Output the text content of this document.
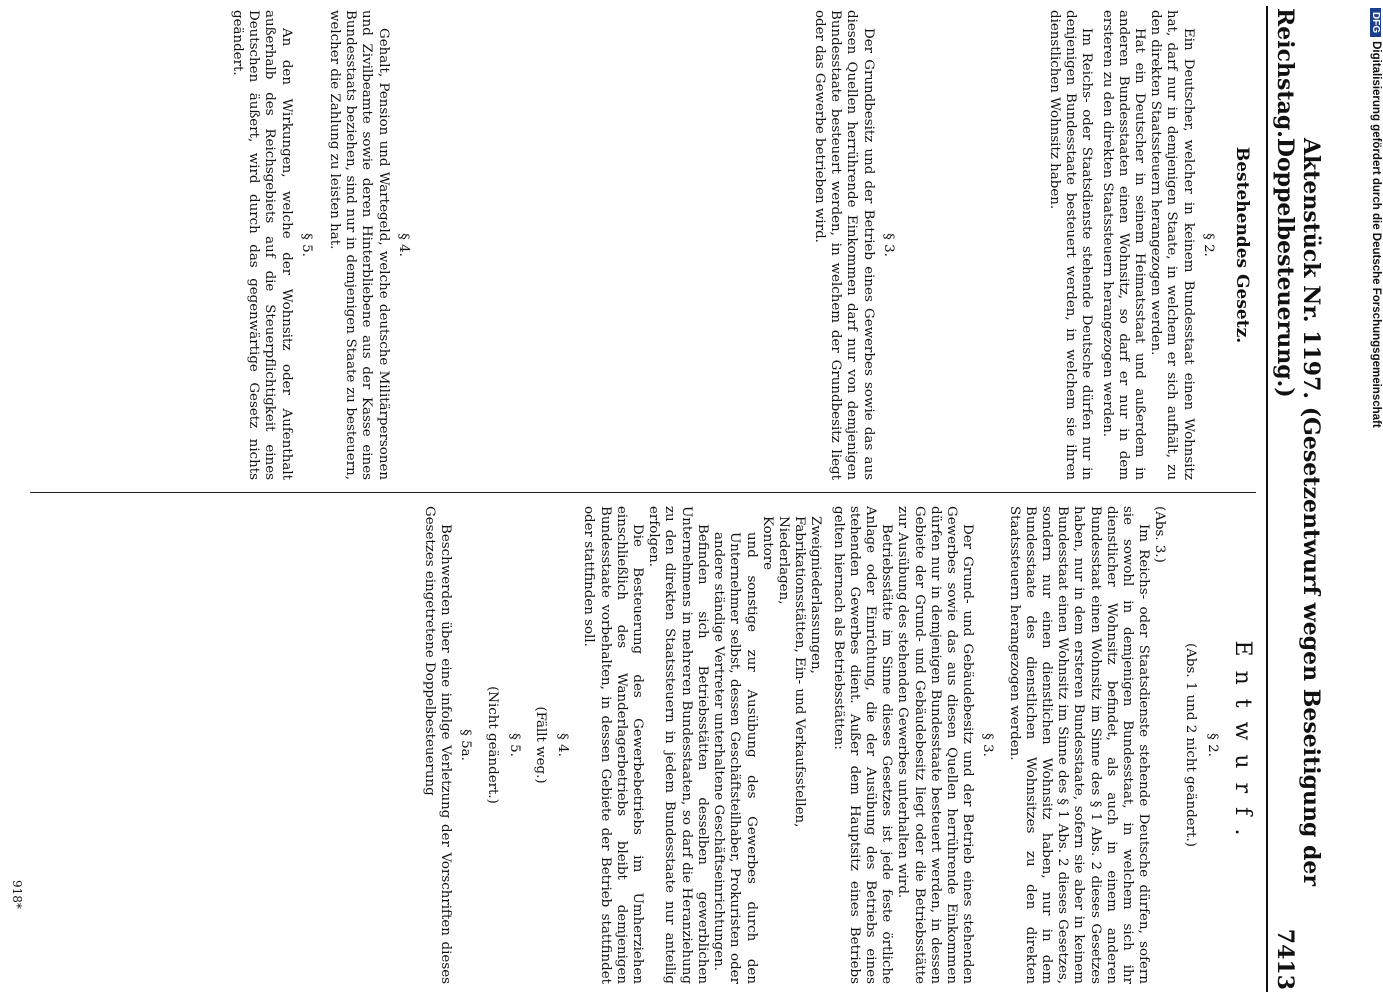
Reichstag.
Aktenstück Nr. 1197. (Gesetzentwurf wegen Beseitigung der Doppelbesteuerung.)
7413
Bestehendes Gesetz.
§ 2.

Ein Deutscher, welcher in keinem Bundesstaat einen Wohnsitz hat, darf nur in demjenigen Staate, in welchem er sich aufhält, zu den direkten Staatssteuern herangezogen werden.

Hat ein Deutscher in seinem Heimatsstaat und außerdem in anderen Bundesstaaten einen Wohnsitz, so darf er nur in dem ersteren zu den direkten Staatssteuern herangezogen werden.

Im Reichs- oder Staatsdienste stehende Deutsche dürfen nur in denjenigen Bundesstaate besteuert werden, in welchem sie ihren dienstlichen Wohnsitz haben.

§ 3.

Der Grundbesitz und der Betrieb eines Gewerbes sowie das aus diesen Quellen herrührende Einkommen darf nur von demjenigen Bundesstaate besteuert werden, in welchem der Grundbesitz liegt oder das Gewerbe betrieben wird.

§ 4.

Gehalt, Pension und Wartegeld, welche deutsche Militärpersonen und Zivilbeamte sowie deren Hinterbliebene aus der Kasse eines Bundesstaats beziehen, sind nur in demjenigen Staate zu besteuern, welcher die Zahlung zu leisten hat.

§ 5.

An den Wirkungen, welche der Wohnsitz oder Aufenthalt außerhalb des Reichsgebiets auf die Steuerpflichtigkeit eines Deutschen äußert, wird durch das gegenwärtige Gesetz nichts geändert.

Entwurf.
§ 2.
(Abs. 1 und 2 nicht geändert.)

(Abs. 3.)

Im Reichs- oder Staatsdienste stehende Deutsche dürfen, sofern sie sowohl in demjenigen Bundesstaat, in welchem sich ihr dienstlicher Wohnsitz befindet, als auch in einem anderen Bundesstaat einen Wohnsitz im Sinne des § 1 Abs. 2 dieses Gesetzes haben, nur in dem ersteren Bundesstaate, sofern sie aber in keinem Bundesstaat einen Wohnsitz im Sinne des § 1 Abs. 2 dieses Gesetzes, sondern nur einen dienstlichen Wohnsitz haben, nur in dem Bundesstaate des dienstlichen Wohnsitzes zu den direkten Staatssteuern herangezogen werden.

§ 3.

Der Grund- und Gebäudebesitz und der Betrieb eines stehenden Gewerbes sowie das aus diesen Quellen herrührende Einkommen dürfen nur in demjenigen Bundesstaate besteuert werden, in dessen Gebiete der Grund- und Gebäudebesitz liegt oder die Betriebsstätte zur Ausübung des stehenden Gewerbes unterhalten wird.

Betriebsstätte im Sinne dieses Gesetzes ist jede feste örtliche Anlage oder Einrichtung, die der Ausübung des Betriebs eines stehenden Gewerbes dient. Außer dem Hauptsitz eines Betriebs gelten hiernach als Betriebsstätten:

Zweigniederlassungen,
Fabrikationsstätten, Ein- und Verkaufsstellen,
Niederlagen,
Kontore

und sonstige zur Ausübung des Gewerbes durch den Unternehmer selbst, dessen Geschäftsteilhaber, Prokuristen oder andere ständige Vertreter unterhaltene Geschäftseinrichtungen.

Befinden sich Betriebsstätten desselben gewerblichen Unternehmens in mehreren Bundesstaaten, so darf die Heranziehung zu den direkten Staatssteuern in jedem Bundesstaate nur anteilig erfolgen.

Die Besteuerung des Gewerbebetriebs im Umherziehen einschließlich des Wanderlagerbetriebs bleibt demjenigen Bundesstaate vorbehalten, in dessen Gebiete der Betrieb stattfindet oder stattfinden soll.

§ 4.
(Fällt weg.)
§ 5.
(Nicht geändert.)
§ 5a.

Beschwerden über eine infolge Verletzung der Vorschriften dieses Gesetzes eingetretene Doppelbesteuerung

918*
DFGDigitalisierung gefördert durch die Deutsche Forschungsgemeinschaft
